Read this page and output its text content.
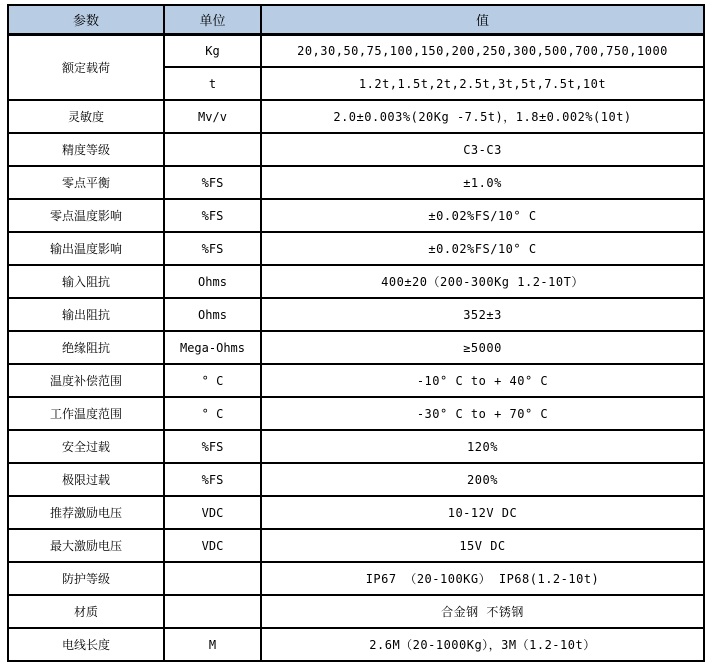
参数	单位	值
额定载荷	Kg	20,30,50,75,100,150,200,250,300,500,700,750,1000
	t	1.2t,1.5t,2t,2.5t,3t,5t,7.5t,10t
灵敏度	Mv/v	2.0±0.003%(20Kg -7.5t)，1.8±0.002%(10t)
精度等级		C3-C3
零点平衡	%FS	±1.0%
零点温度影响	%FS	±0.02%FS/10° C
输出温度影响	%FS	±0.02%FS/10° C
输入阻抗	Ohms	400±20（200-300Kg 1.2-10T）
输出阻抗	Ohms	352±3
绝缘阻抗	Mega-Ohms	≥5000
温度补偿范围	° C	-10° C to + 40° C
工作温度范围	° C	-30° C to + 70° C
安全过载	%FS	120%
极限过载	%FS	200%
推荐激励电压	VDC	10-12V DC
最大激励电压	VDC	15V DC
防护等级		IP67 （20-100KG） IP68(1.2-10t)
材质		合金钢 不锈钢
电线长度	M	2.6M（20-1000Kg），3M（1.2-10t）
